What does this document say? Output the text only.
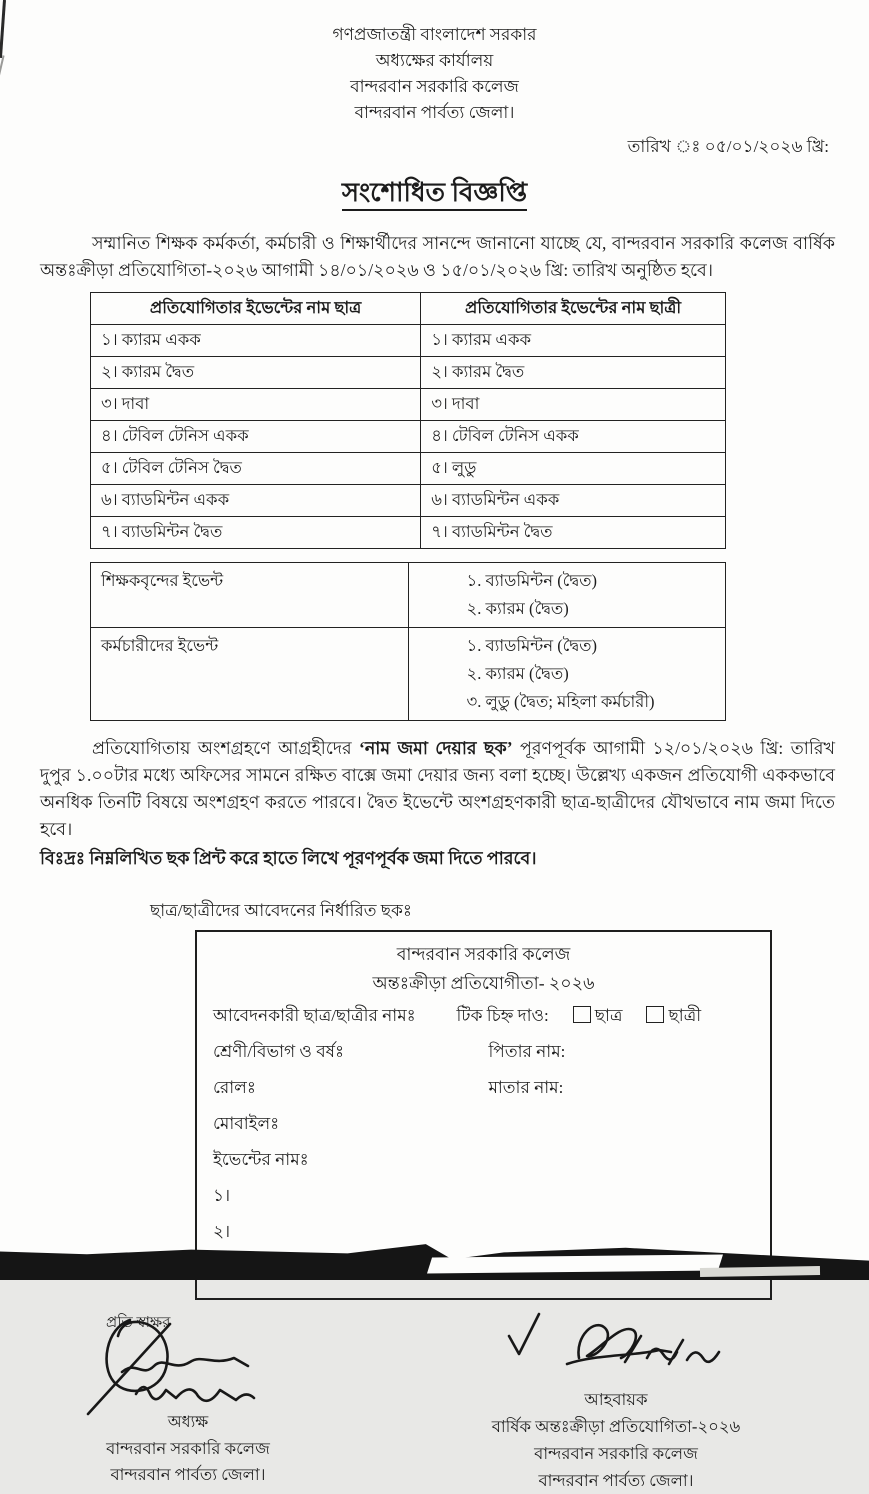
গণপ্রজাতন্ত্রী বাংলাদেশ সরকার
অধ্যক্ষের কার্যালয়
বান্দরবান সরকারি কলেজ
বান্দরবান পার্বত্য জেলা।
তারিখ ঃ ০৫/০১/২০২৬ খ্রি:
সংশোধিত বিজ্ঞপ্তি
সম্মানিত শিক্ষক কর্মকর্তা, কর্মচারী ও শিক্ষার্থীদের সানন্দে জানানো যাচ্ছে যে, বান্দরবান সরকারি কলেজ বার্ষিক অন্তঃক্রীড়া প্রতিযোগিতা-২০২৬ আগামী ১৪/০১/২০২৬ ও ১৫/০১/২০২৬ খ্রি: তারিখ অনুষ্ঠিত হবে।
প্রতিযোগিতার ইভেন্টের নাম ছাত্র	প্রতিযোগিতার ইভেন্টের নাম ছাত্রী
১। ক্যারম একক	১। ক্যারম একক
২। ক্যারম দ্বৈত	২। ক্যারম দ্বৈত
৩। দাবা	৩। দাবা
৪। টেবিল টেনিস একক	৪। টেবিল টেনিস একক
৫। টেবিল টেনিস দ্বৈত	৫। লুডু
৬। ব্যাডমিন্টন একক	৬। ব্যাডমিন্টন একক
৭। ব্যাডমিন্টন দ্বৈত	৭। ব্যাডমিন্টন দ্বৈত
শিক্ষকবৃন্দের ইভেন্ট	১. ব্যাডমিন্টন (দ্বৈত)
২. ক্যারম (দ্বৈত)

কর্মচারীদের ইভেন্ট	১. ব্যাডমিন্টন (দ্বৈত)
২. ক্যারম (দ্বৈত)
৩. লুডু (দ্বৈত; মহিলা কর্মচারী)
প্রতিযোগিতায় অংশগ্রহণে আগ্রহীদের ‘নাম জমা দেয়ার ছক’ পূরণপূর্বক আগামী ১২/০১/২০২৬ খ্রি: তারিখ দুপুর ১.০০টার মধ্যে অফিসের সামনে রক্ষিত বাক্সে জমা দেয়ার জন্য বলা হচ্ছে। উল্লেখ্য একজন প্রতিযোগী এককভাবে অনধিক তিনটি বিষয়ে অংশগ্রহণ করতে পারবে। দ্বৈত ইভেন্টে অংশগ্রহণকারী ছাত্র-ছাত্রীদের যৌথভাবে নাম জমা দিতে হবে।
বিঃদ্রঃ নিম্নলিখিত ছক প্রিন্ট করে হাতে লিখে পূরণপূর্বক জমা দিতে পারবে।
ছাত্র/ছাত্রীদের আবেদনের নির্ধারিত ছকঃ
বান্দরবান সরকারি কলেজ
অন্তঃক্রীড়া প্রতিযোগীতা- ২০২৬
আবেদনকারী ছাত্র/ছাত্রীর নামঃ	টিক চিহ্ন দাও:	ছাত্র	ছাত্রী
শ্রেণী/বিভাগ ও বর্ষঃ	পিতার নাম:
রোলঃ	মাতার নাম:
মোবাইলঃ
ইভেন্টের নামঃ
১।
২।
প্রতি স্বাক্ষর
অধ্যক্ষ
বান্দরবান সরকারি কলেজ
বান্দরবান পার্বত্য জেলা।
আহবায়ক
বার্ষিক অন্তঃক্রীড়া প্রতিযোগিতা-২০২৬
বান্দরবান সরকারি কলেজ
বান্দরবান পার্বত্য জেলা।
